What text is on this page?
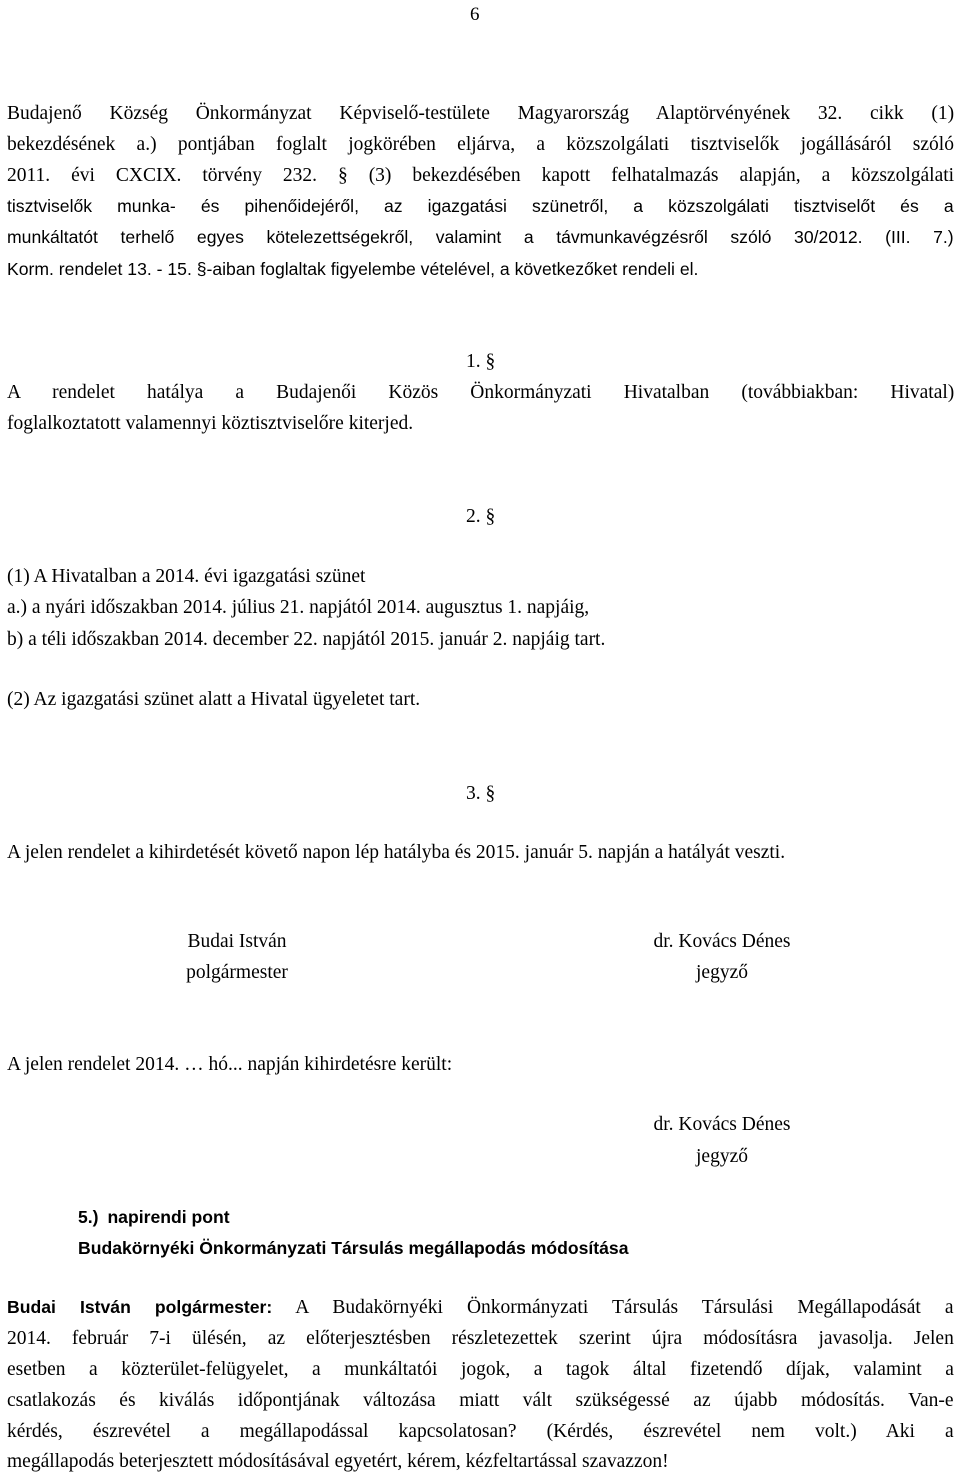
6
Budajenő Község Önkormányzat Képviselő-testülete Magyarország Alaptörvényének 32. cikk (1)
bekezdésének a.) pontjában foglalt jogkörében eljárva, a közszolgálati tisztviselők jogállásáról szóló
2011. évi CXCIX. törvény 232. § (3) bekezdésében kapott felhatalmazás alapján, a közszolgálati
tisztviselők munka- és pihenőidejéről, az igazgatási szünetről, a közszolgálati tisztviselőt és a
munkáltatót terhelő egyes kötelezettségekről, valamint a távmunkavégzésről szóló 30/2012. (III. 7.)
Korm. rendelet 13. - 15. §-aiban foglaltak figyelembe vételével, a következőket rendeli el.
1. §
A rendelet hatálya a Budajenői Közös Önkormányzati Hivatalban (továbbiakban: Hivatal)
foglalkoztatott valamennyi köztisztviselőre kiterjed.
2. §
(1) A Hivatalban a 2014. évi igazgatási szünet
a.) a nyári időszakban 2014. július 21. napjától 2014. augusztus 1. napjáig,
b) a téli időszakban 2014. december 22. napjától 2015. január 2. napjáig tart.
(2) Az igazgatási szünet alatt a Hivatal ügyeletet tart.
3. §
A jelen rendelet a kihirdetését követő napon lép hatályba és 2015. január 5. napján a hatályát veszti.
Budai István
polgármester
dr. Kovács Dénes
jegyző
A jelen rendelet 2014. … hó... napján kihirdetésre került:
dr. Kovács Dénes
jegyző
5.) napirendi pont
Budakörnyéki Önkormányzati Társulás megállapodás módosítása
Budai István polgármester: A Budakörnyéki Önkormányzati Társulás Társulási Megállapodását a
2014. február 7-i ülésén, az előterjesztésben részletezettek szerint újra módosításra javasolja. Jelen
esetben a közterület-felügyelet, a munkáltatói jogok, a tagok által fizetendő díjak, valamint a
csatlakozás és kiválás időpontjának változása miatt vált szükségessé az újabb módosítás. Van-e
kérdés, észrevétel a megállapodással kapcsolatosan? (Kérdés, észrevétel nem volt.) Aki a
megállapodás beterjesztett módosításával egyetért, kérem, kézfeltartással szavazzon!
